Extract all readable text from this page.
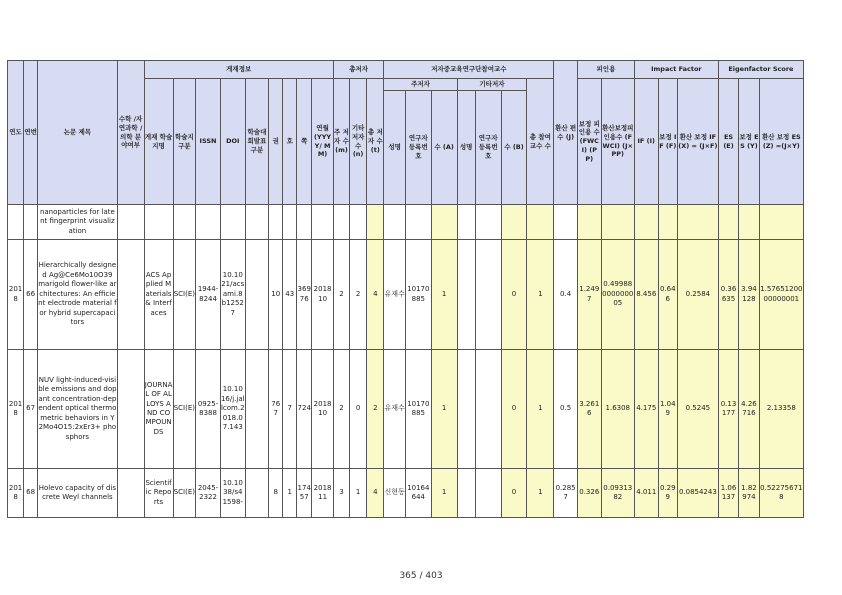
연도	연번	논문 제목	수학 /자연과학 /의학 분야여부	게재정보									총저자			저자중교육연구단참여교수							환산 편수 (J)	피인용		Impact Factor			Eigenfactor Score		
				게재 학술지명	학술지 구분	ISSN	DOI	학술대회발표 구분	권	호	쪽	연월 (YYYY/ MM)	주 저자 수 (m)	기타 저자 수 (n)	총 저자 수 (t)	주저자			기타저자			총 참여 교수 수		보정 피인용 수 (FWCI) (PP)	환산보정피인용수 (FWCI) (J×PP)	IF (I)	보정 IF (F)	환산 보정 IF(X) = (J×F)	ES (E)	보정 ES (Y)	환산 보정 ES(Z) =(J×Y)
																성명	연구자 등록번호	수 (A)	성명	연구자 등록번호	수 (B)										
		nanoparticles for latent fingerprint visualization																													
2018	66	Hierarchically designed Ag@Ce6Mo10O39 marigold flower-like architectures: An efficient electrode material for hybrid supercapacitors		ACS Applied Materials & Interfaces	SCI(E)	1944-8244	10.1021/acsami.8b12527		10	43	36976	2018 10	2	2	4	유재수	10170885	1			0	1	0.4	1.2497	0.49988000000005	8.456	0.646	0.2584	0.36635	3.94128	1.5765120000000001
2018	67	NUV light-induced-visible emissions and dopant concentration-dependent optical thermometric behaviors in Y2Mo4O15:2xEr3+ phosphors		JOURNAL OF ALLOYS AND COMPOUNDS	SCI(E)	0925-8388	10.1016/j.jallcom.2018.07.143		767	7	724	2018 10	2	0	2	유재수	10170885	1			0	1	0.5	3.2616	1.6308	4.175	1.049	0.5245	0.13177	4.26716	2.13358
2018	68	Holevo capacity of discrete Weyl channels		Scientific Reports	SCI(E)	2045-2322	10.1038/s41598-		8	1	17457	2018 11	3	1	4	신현동	10164644	1			0	1	0.2857	0.326	0.0931382	4.011	0.299	0.0854243	1.06137	1.82974	0.522756718
365 / 403
